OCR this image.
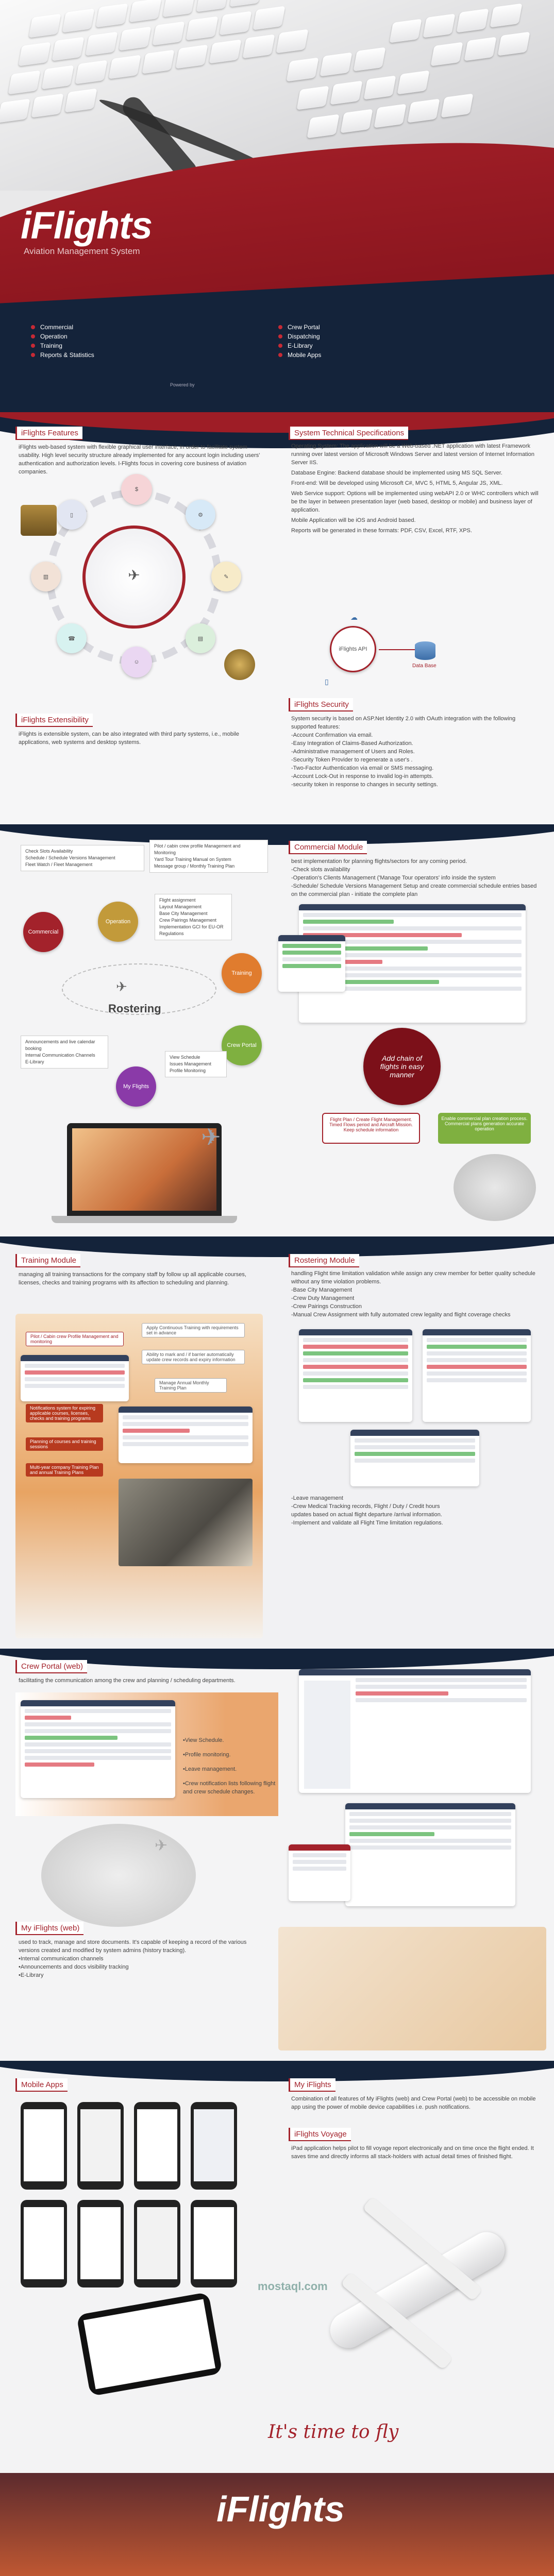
iFlights
Aviation Management System
Commercial	Crew Portal
Operation	Dispatching
Training	E-Library
Reports & Statistics	Mobile Apps
Powered by
iFlights Features
iFlights web-based system with flexible graphical user interface, in order to facilitate system usability. High level security structure already implemented for any account login including users' authentication and authorization levels. I-Flights focus in covering core business of aviation companies.
✈
$
⚙
✎
▤
☺
☎
▥
▯
iFlights Extensibility
iFlights is extensible system, can be also integrated with third party systems, i.e., mobile applications, web systems and desktop systems.
System Technical Specifications
Operating System: The application will be a Web-based .NET application with latest Framework running over latest version of Microsoft Windows Server and latest version of Internet Information Server IIS.
Database Engine: Backend database should be implemented using MS SQL Server.
Front-end: Will be developed using Microsoft C#, MVC 5, HTML 5, Angular JS, XML.
Web Service support: Options will be implemented using webAPI 2.0 or WHC controllers which will be the layer in between presentation layer (web based, desktop or mobile) and business layer of application.
Mobile Application will be iOS and Android based.
Reports will be generated in these formats: PDF, CSV, Excel, RTF, XPS.
iFlights API
Data Base
☁
▯
iFlights Security
System security is based on ASP.Net Identity 2.0 with OAuth integration with the following supported features:
-Account Confirmation via email.
-Easy Integration of Claims-Based Authorization.
-Administrative management of Users and Roles.
-Security Token Provider to regenerate a user's .
-Two-Factor Authentication via email or SMS messaging.
-Account Lock-Out in response to invalid log-in attempts.
-security token in response to changes in security settings.
Check Slots Availability
Schedule / Schedule Versions Management
Fleet Watch / Fleet Management
Pilot / cabin crew profile Management and Monitoring
Yard Tour Training Manual on System
Message group / Monthly Training Plan
Flight assignment
Layout Management
Base City Management
Crew Pairings Management
Implementation GCI for EU-OR Regulations
Commercial
Operation
Training
Crew Portal
My Flights
Rostering
✈
View Schedule
Issues Management
Profile Monitoring
Announcements and live calendar booking
Internal Communication Channels
E-Library
✈
Commercial Module
best implementation for planning flights/sectors for any coming period.
-Check slots availability
-Operation's Clients Management ('Manage Tour operators' info inside the system
-Schedule/ Schedule Versions Management Setup and create commercial schedule entries based on the commercial plan - initiate the complete plan
Add chain of flights in easy manner
Flight Plan / Create Flight Management. Timed Flows period and Aircraft Mission. Keep schedule information
Enable commercial plan creation process. Commercial plans generation accurate operation
Training Module
managing all training transactions for the company staff by follow up all applicable courses, licenses, checks and training programs with its affection to scheduling and planning.
Pilot / Cabin crew Profile Management and monitoring
Apply Continuous Training with requirements set in advance
Ability to mark and / if barrier automatically update crew records and expiry information
Manage Annual Monthly Training Plan
Notifications system for expiring applicable courses, licenses, checks and training programs
Planning of courses and training sessions
Multi-year company Training Plan and annual Training Plans
Rostering Module
handling Flight time limitation validation while assign any crew member for better quality schedule without any time violation problems.
-Base City Management
-Crew Duty Management
-Crew Pairings Construction
-Manual Crew Assignment with fully automated crew legality and flight coverage checks
-Leave management
-Crew Medical Tracking records, Flight / Duty / Credit hours
updates based on actual flight departure /arrival information.
-Implement and validate all Flight Time limitation regulations.
Crew Portal (web)
facilitating the communication among the crew and planning / scheduling departments.
•View Schedule.
•Profile monitoring.
•Leave management.
•Crew notification lists following flight and crew schedule changes.
✈
My iFlights (web)
used to track, manage and store documents. It's capable of keeping a record of the various versions created and modified by system admins (history tracking).
•Internal communication channels
•Announcements and docs visibility tracking
•E-Library
Mobile Apps	My iFlights
Combination of all features of My iFlights (web) and Crew Portal (web) to be accessible on mobile app using the power of mobile device capabilities i.e. push notifications.
iFlights Voyage
iPad application helps pilot to fill voyage report electronically and on time once the flight ended. It saves time and directly informs all stack-holders with actual detail times of finished flight.
It's time to fly
iFlights
mostaql.com
